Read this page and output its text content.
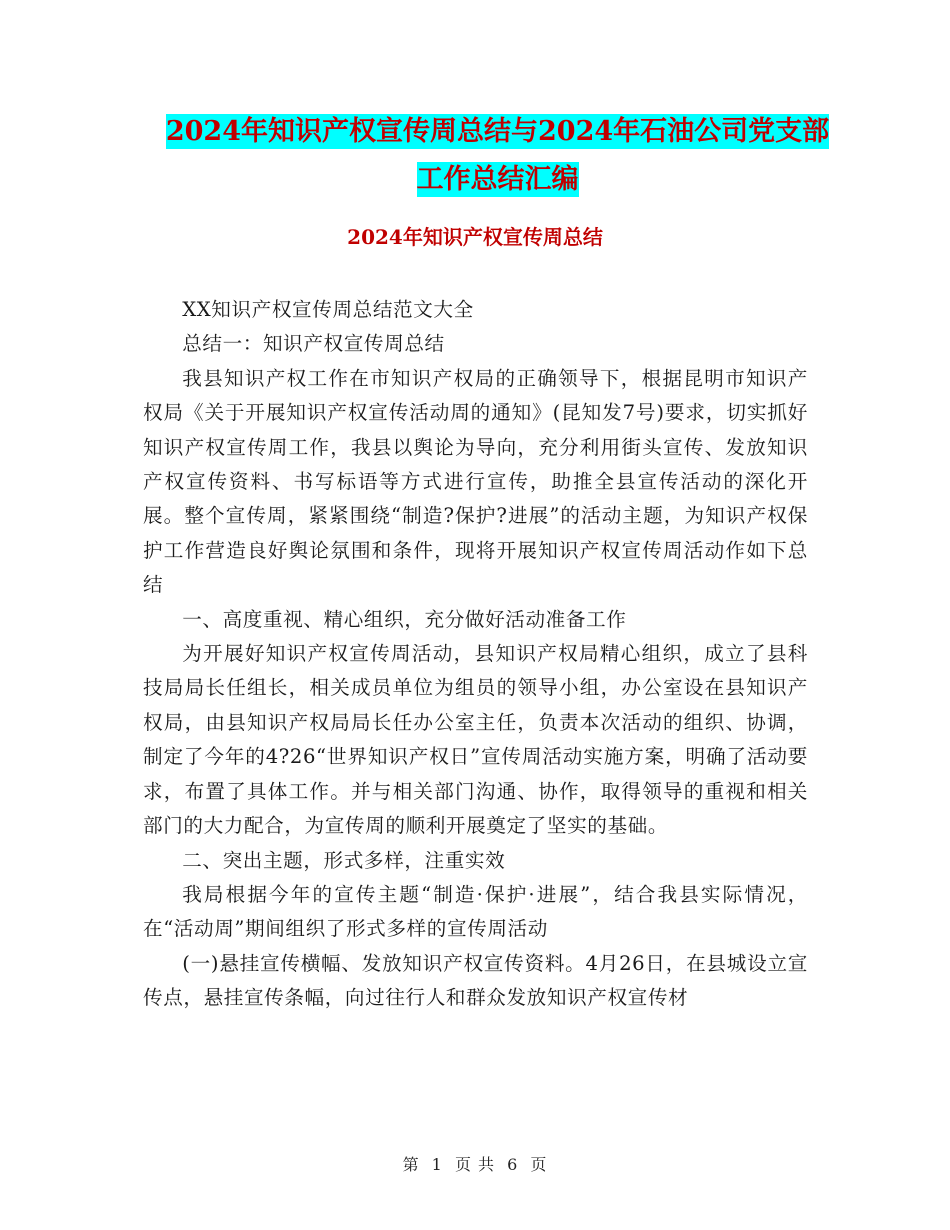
2024年知识产权宣传周总结与2024年石油公司党支部
工作总结汇编
2024年知识产权宣传周总结

XX知识产权宣传周总结范文大全

总结一：知识产权宣传周总结

我县知识产权工作在市知识产权局的正确领导下，根据昆明市知识产权局《关于开展知识产权宣传活动周的通知》(昆知发7号)要求，切实抓好知识产权宣传周工作，我县以舆论为导向，充分利用街头宣传、发放知识产权宣传资料、书写标语等方式进行宣传，助推全县宣传活动的深化开展。整个宣传周，紧紧围绕“制造?保护?进展”的活动主题，为知识产权保护工作营造良好舆论氛围和条件，现将开展知识产权宣传周活动作如下总结

一、高度重视、精心组织，充分做好活动准备工作

为开展好知识产权宣传周活动，县知识产权局精心组织，成立了县科技局局长任组长，相关成员单位为组员的领导小组，办公室设在县知识产权局，由县知识产权局局长任办公室主任，负责本次活动的组织、协调，制定了今年的4?26“世界知识产权日”宣传周活动实施方案，明确了活动要求，布置了具体工作。并与相关部门沟通、协作，取得领导的重视和相关部门的大力配合，为宣传周的顺利开展奠定了坚实的基础。

二、突出主题，形式多样，注重实效

我局根据今年的宣传主题“制造·保护·进展”，结合我县实际情况，在“活动周”期间组织了形式多样的宣传周活动

(一)悬挂宣传横幅、发放知识产权宣传资料。4月26日，在县城设立宣传点，悬挂宣传条幅，向过往行人和群众发放知识产权宣传材

第 1 页 共 6 页
